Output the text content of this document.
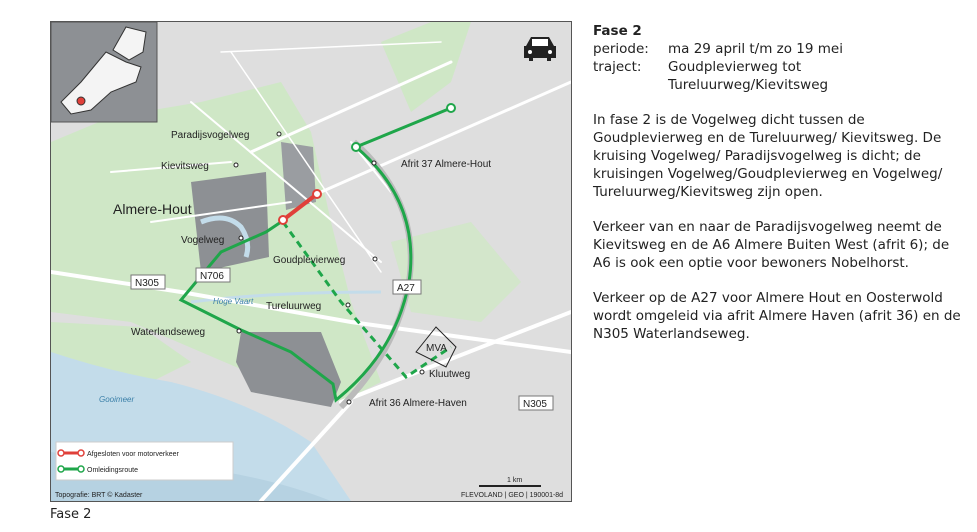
MVA
Paradijsvogelweg
Kievitsweg	Afrit 37 Almere-Hout
Almere-Hout
Vogelweg
Goudplevierweg
Hoge Vaart Tureluurweg
Waterlandseweg
Kluutweg
Afrit 36 Almere-Haven
Gooimeer
N706
N305	A27
N305
Afgesloten voor motorverkeer
Omleidingsroute
1 km
Topografie: BRT © Kadaster	FLEVOLAND | GEO | 190001-8d
Fase 2
Fase 2
periode:	ma 29 april t/m zo 19 mei
traject:	Goudplevierweg tot
Tureluurweg/Kievitsweg

In fase 2 is de Vogelweg dicht tussen de Goudplevierweg en de Tureluurweg/ Kievitsweg. De kruising Vogelweg/ Paradijsvogelweg is dicht; de kruisingen Vogelweg/Goudplevierweg en Vogelweg/ Tureluurweg/Kievitsweg zijn open.

Verkeer van en naar de Paradijsvogelweg neemt de Kievitsweg en de A6 Almere Buiten West (afrit 6); de A6 is ook een optie voor bewoners Nobelhorst.

Verkeer op de A27 voor Almere Hout en Oosterwold wordt omgeleid via afrit Almere Haven (afrit 36) en de N305 Waterlandseweg.
